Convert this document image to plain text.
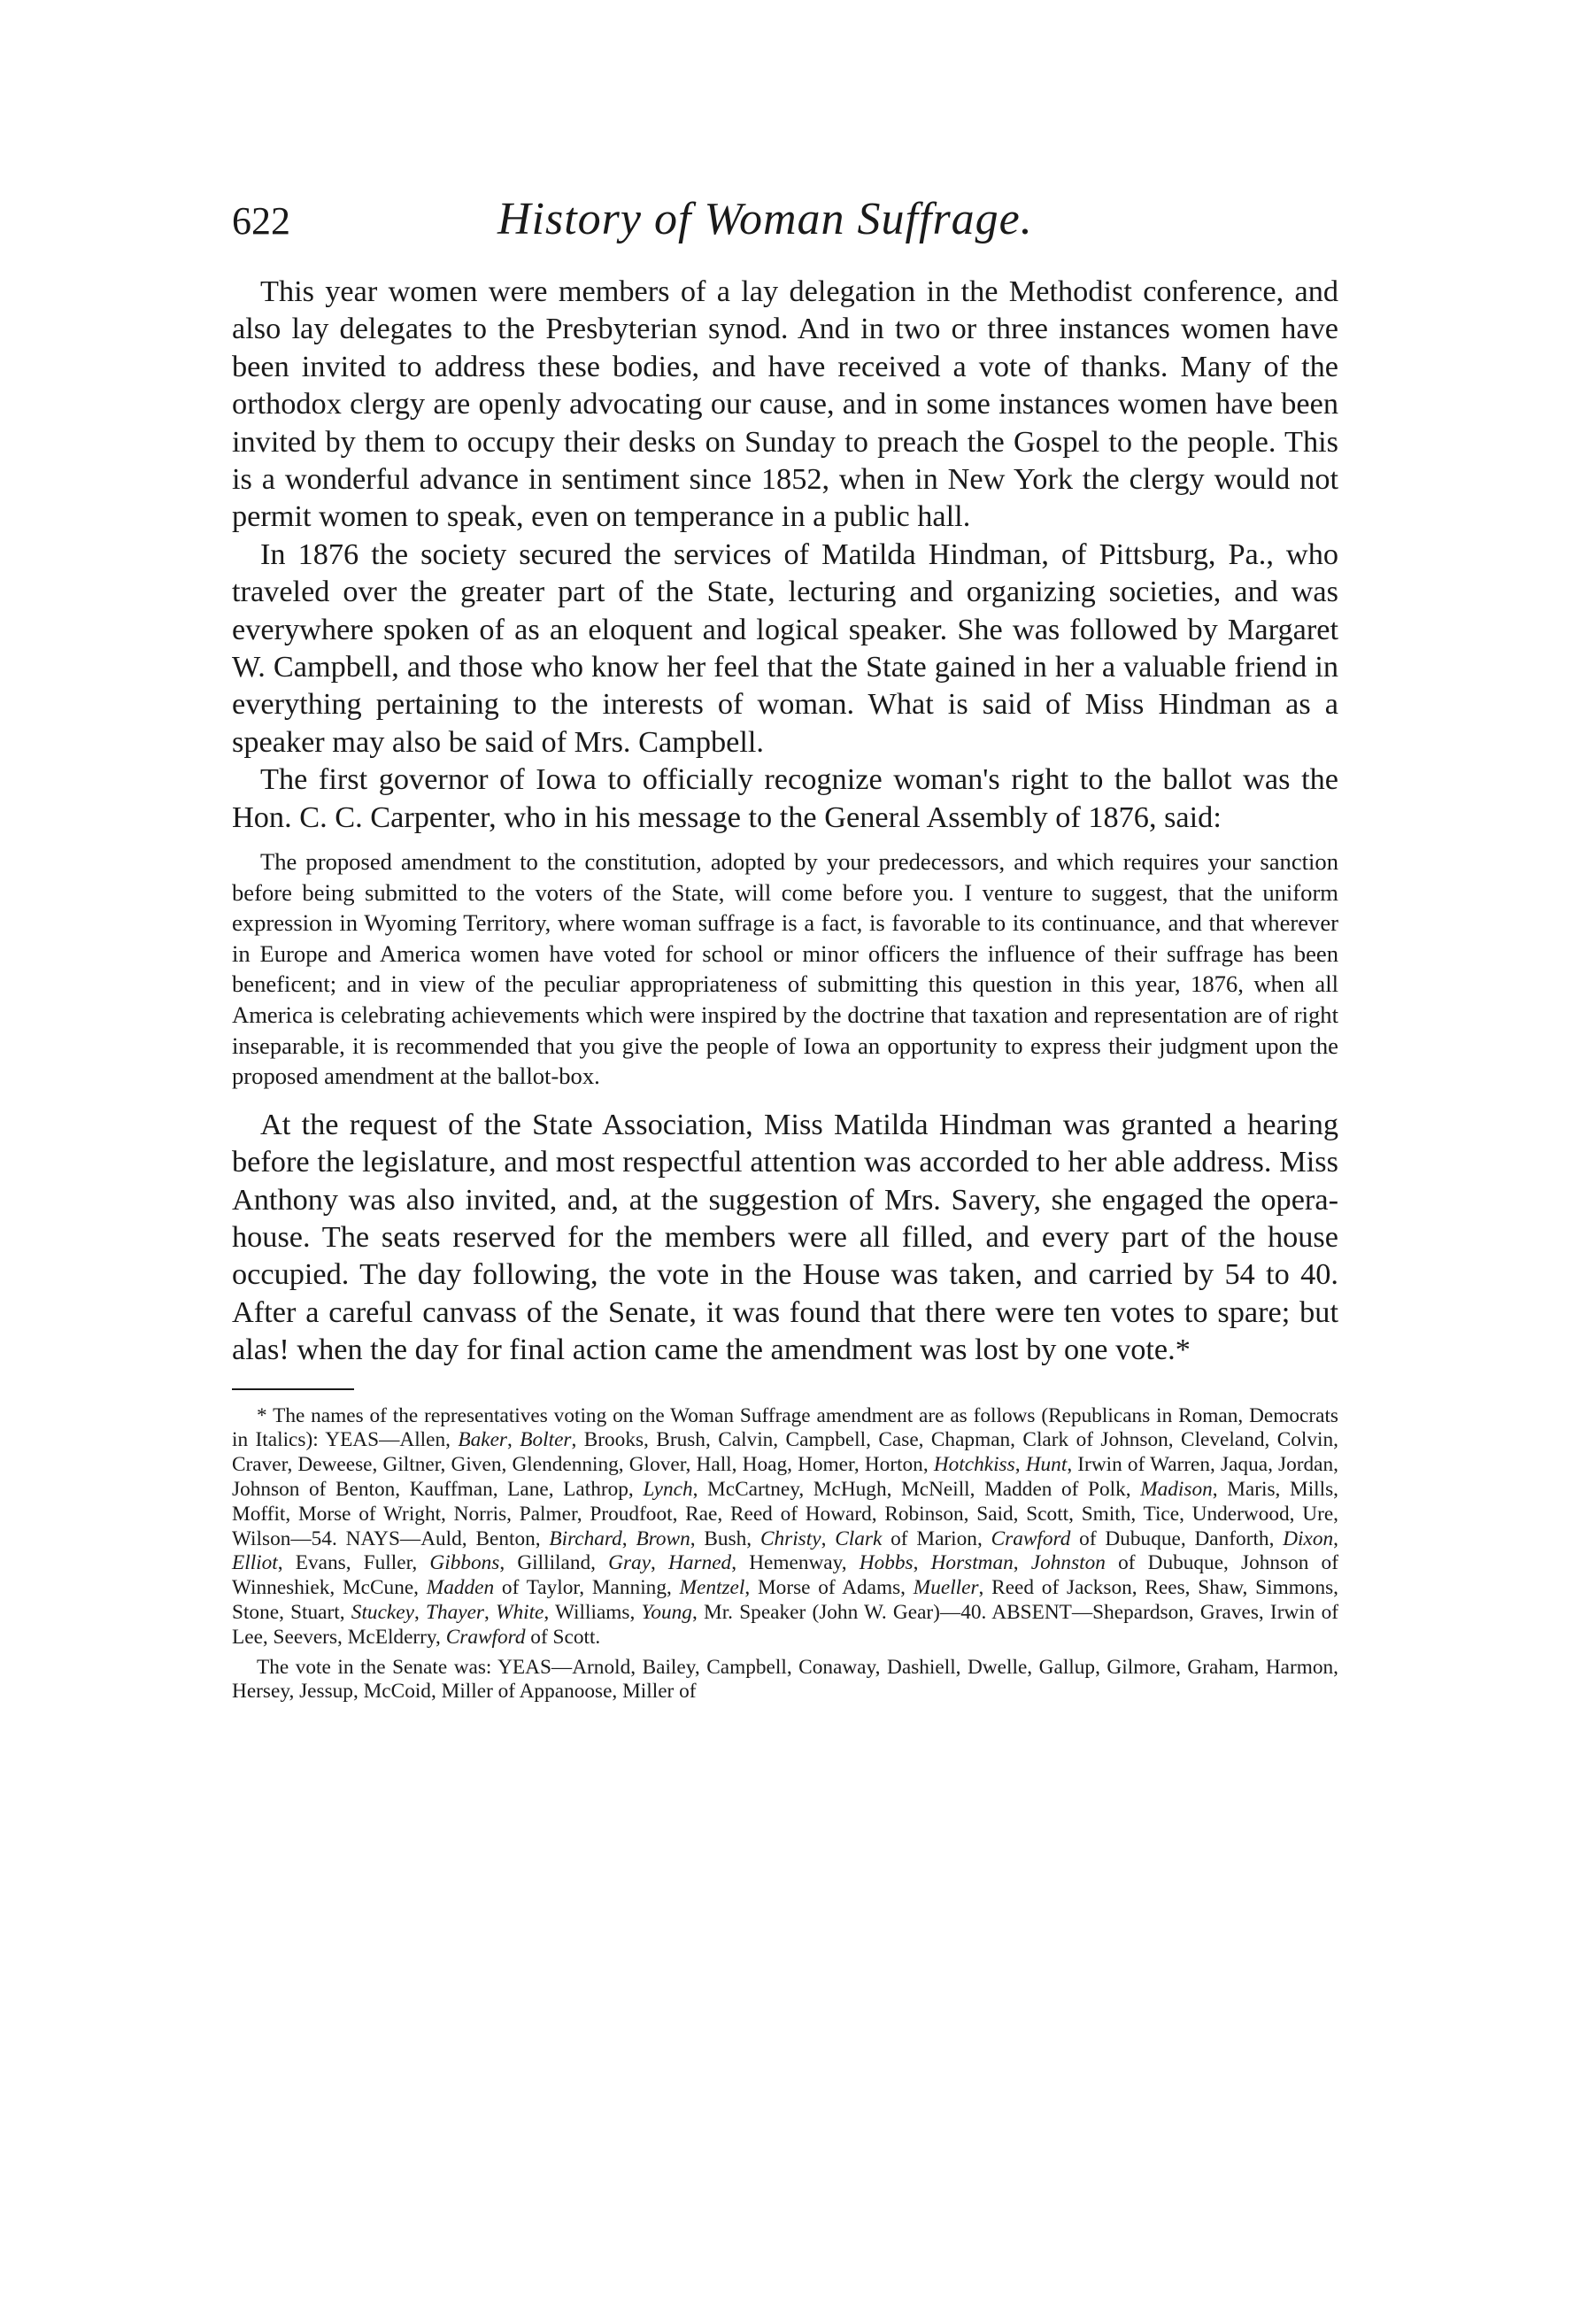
622	History of Woman Suffrage.

This year women were members of a lay delegation in the Methodist conference, and also lay delegates to the Presbyterian synod. And in two or three instances women have been invited to address these bodies, and have received a vote of thanks. Many of the orthodox clergy are openly advocating our cause, and in some instances women have been invited by them to occupy their desks on Sunday to preach the Gospel to the people. This is a wonderful advance in sentiment since 1852, when in New York the clergy would not permit women to speak, even on temperance in a public hall.

In 1876 the society secured the services of Matilda Hindman, of Pittsburg, Pa., who traveled over the greater part of the State, lecturing and organizing societies, and was everywhere spoken of as an eloquent and logical speaker. She was followed by Margaret W. Campbell, and those who know her feel that the State gained in her a valuable friend in everything pertaining to the interests of woman. What is said of Miss Hindman as a speaker may also be said of Mrs. Campbell.

The first governor of Iowa to officially recognize woman's right to the ballot was the Hon. C. C. Carpenter, who in his message to the General Assembly of 1876, said:

The proposed amendment to the constitution, adopted by your predecessors, and which requires your sanction before being submitted to the voters of the State, will come before you. I venture to suggest, that the uniform expression in Wyoming Territory, where woman suffrage is a fact, is favorable to its continuance, and that wherever in Europe and America women have voted for school or minor officers the influence of their suffrage has been beneficent; and in view of the peculiar appropriateness of submitting this question in this year, 1876, when all America is celebrating achievements which were inspired by the doctrine that taxation and representation are of right inseparable, it is recommended that you give the people of Iowa an opportunity to express their judgment upon the proposed amendment at the ballot-box.

At the request of the State Association, Miss Matilda Hindman was granted a hearing before the legislature, and most respectful attention was accorded to her able address. Miss Anthony was also invited, and, at the suggestion of Mrs. Savery, she engaged the opera-house. The seats reserved for the members were all filled, and every part of the house occupied. The day following, the vote in the House was taken, and carried by 54 to 40. After a careful canvass of the Senate, it was found that there were ten votes to spare; but alas! when the day for final action came the amendment was lost by one vote.*

* The names of the representatives voting on the Woman Suffrage amendment are as follows (Republicans in Roman, Democrats in Italics): YEAS—Allen, Baker, Bolter, Brooks, Brush, Calvin, Campbell, Case, Chapman, Clark of Johnson, Cleveland, Colvin, Craver, Deweese, Giltner, Given, Glendenning, Glover, Hall, Hoag, Homer, Horton, Hotchkiss, Hunt, Irwin of Warren, Jaqua, Jordan, Johnson of Benton, Kauffman, Lane, Lathrop, Lynch, McCartney, McHugh, McNeill, Madden of Polk, Madison, Maris, Mills, Moffit, Morse of Wright, Norris, Palmer, Proudfoot, Rae, Reed of Howard, Robinson, Said, Scott, Smith, Tice, Underwood, Ure, Wilson—54. NAYS—Auld, Benton, Birchard, Brown, Bush, Christy, Clark of Marion, Crawford of Dubuque, Danforth, Dixon, Elliot, Evans, Fuller, Gibbons, Gilliland, Gray, Harned, Hemenway, Hobbs, Horstman, Johnston of Dubuque, Johnson of Winneshiek, McCune, Madden of Taylor, Manning, Mentzel, Morse of Adams, Mueller, Reed of Jackson, Rees, Shaw, Simmons, Stone, Stuart, Stuckey, Thayer, White, Williams, Young, Mr. Speaker (John W. Gear)—40. ABSENT—Shepardson, Graves, Irwin of Lee, Seevers, McElderry, Crawford of Scott.

The vote in the Senate was: YEAS—Arnold, Bailey, Campbell, Conaway, Dashiell, Dwelle, Gallup, Gilmore, Graham, Harmon, Hersey, Jessup, McCoid, Miller of Appanoose, Miller of
